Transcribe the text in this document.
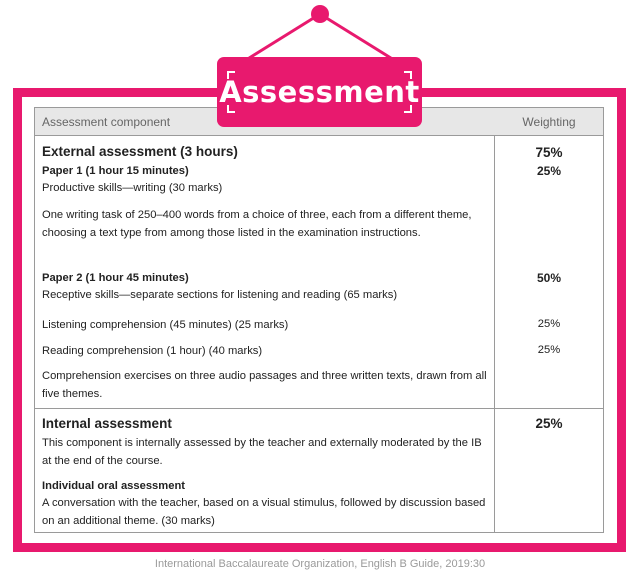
Assessment
Assessment component	Weighting
External assessment (3 hours)	75%
Paper 1 (1 hour 15 minutes)	25%
Productive skills—writing (30 marks)
One writing task of 250–400 words from a choice of three, each from a different theme, choosing a text type from among those listed in the examination instructions.
Paper 2 (1 hour 45 minutes)	50%
Receptive skills—separate sections for listening and reading (65 marks)
Listening comprehension (45 minutes) (25 marks)	25%
Reading comprehension (1 hour) (40 marks)	25%
Comprehension exercises on three audio passages and three written texts, drawn from all five themes.
Internal assessment	25%
This component is internally assessed by the teacher and externally moderated by the IB at the end of the course.
Individual oral assessment
A conversation with the teacher, based on a visual stimulus, followed by discussion based on an additional theme. (30 marks)
International Baccalaureate Organization, English B Guide, 2019:30
